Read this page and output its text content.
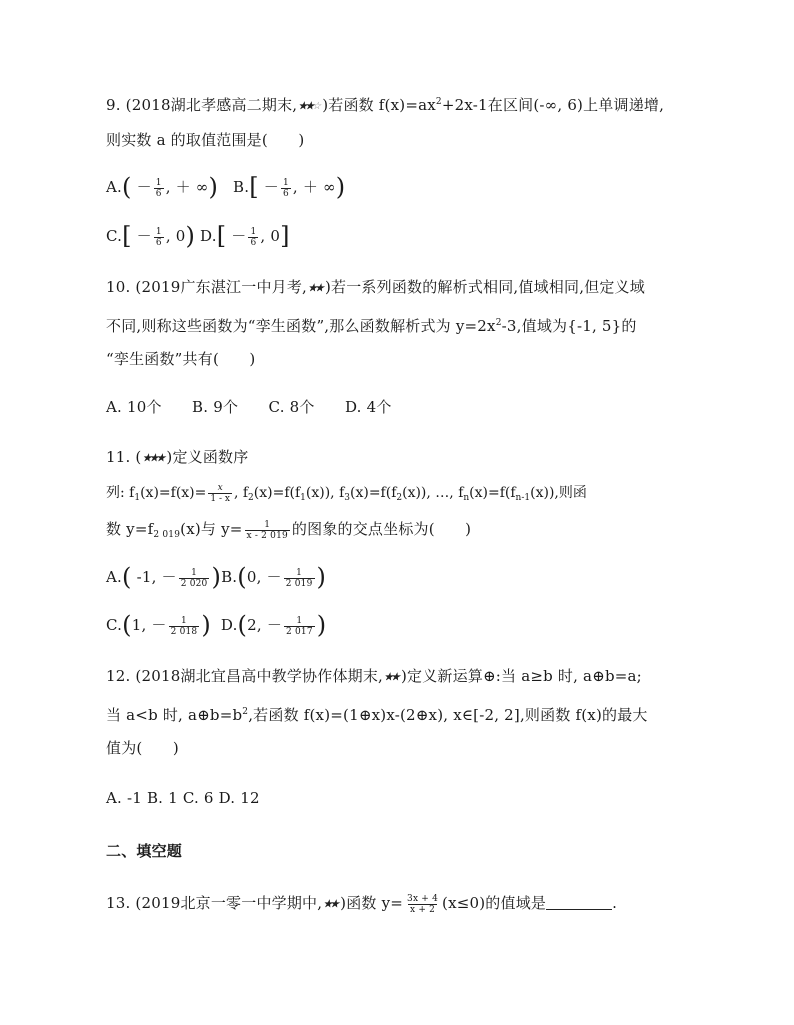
9. (2018湖北孝感高二期末,★★☆ )若函数 $f(x)=ax^2+2x-1$在区间(-∞, 6)上单调递增,
则实数 a 的取值范围是(　　)
$A.( - \frac{1}{6}$ , ＋ ∞) $B.[ - \frac{1}{6}$ , ＋ ∞)
$C.[ - \frac{1}{6}$ , 0) $D.[ - \frac{1}{6}$ , 0]
10. (2019广东湛江一中月考,★★ )若一系列函数的解析式相同,值域相同,但定义域
不同,则称这些函数为“孪生函数”,那么函数解析式为 $y=2x^2-3$,值域为{-1, 5}的
“孪生函数”共有(　　)
A. 10个　　B. 9个　　C. 8个　　D. 4个
11. (★★★ )定义函数序
列: $f_1(x)=f(x)= \frac{x}{1 - x}$ , $f_2(x)=f(f_1(x))$, $f_3(x)=f(f_2(x))$, …, $f_n(x)=f(f_{n-1}(x))$,则函
数 $y=f_{2 019}(x)$与 $y= \frac{1}{x - 2 019}$ 的图象的交点坐标为(　　)
A.( -1, － $\frac{1}{2 020} )B.(0$, － $\frac{1}{2 019}$ )
C.(1, － $\frac{1}{2 018}$ ) D.(2, － $\frac{1}{2 017}$ )
12. (2018湖北宜昌高中教学协作体期末,★★ )定义新运算⊕:当 a≥b 时, a⊕b=a;
当 a<b 时, $a\oplus b=b^2$,若函数 f(x)=(1⊕x)x-(2⊕x), x∈[-2, 2],则函数 f(x)的最大
值为(　　)
A. -1 B. 1 C. 6 D. 12
二、填空题
13. (2019北京一零一中学期中,★★ )函数 $y= \frac{3x + 4}{x + 2} (x\le 0)$的值域是	.
